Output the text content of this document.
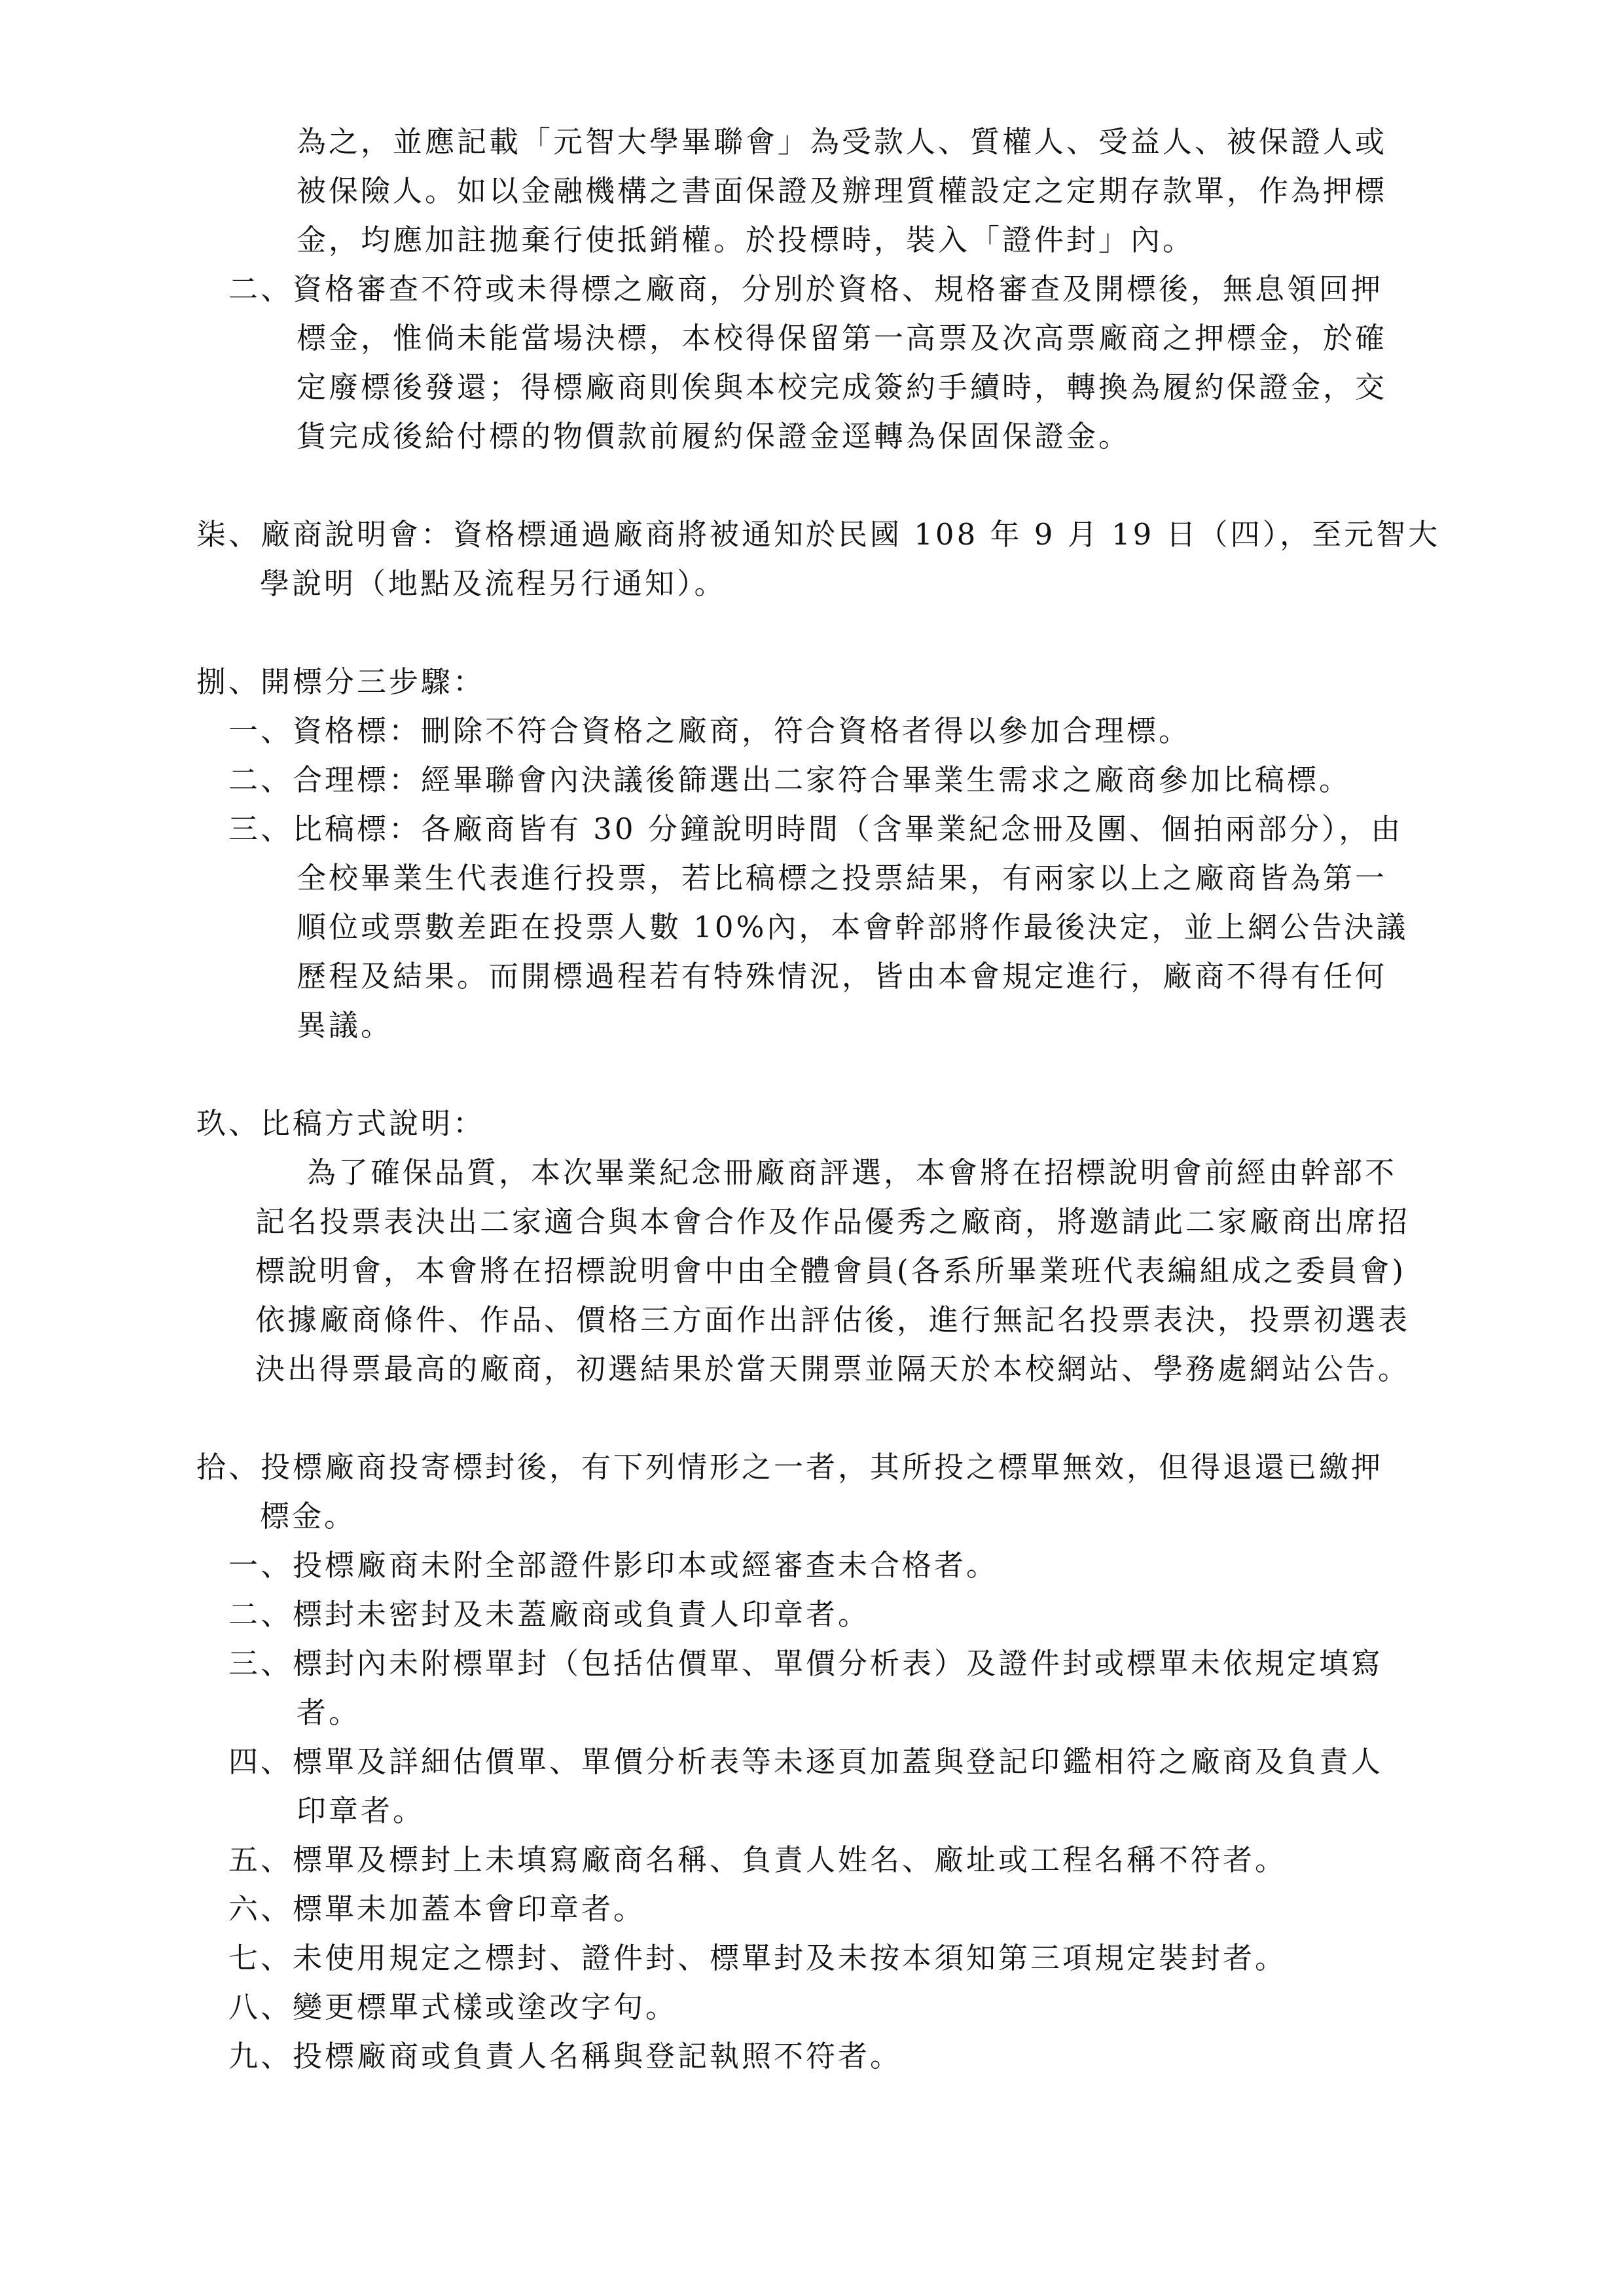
為之，並應記載「元智大學畢聯會」為受款人、質權人、受益人、被保證人或
被保險人。如以金融機構之書面保證及辦理質權設定之定期存款單，作為押標
金，均應加註拋棄行使抵銷權。於投標時，裝入「證件封」內。
二、資格審查不符或未得標之廠商，分別於資格、規格審查及開標後，無息領回押
標金，惟倘未能當場決標，本校得保留第一高票及次高票廠商之押標金，於確
定廢標後發還；得標廠商則俟與本校完成簽約手續時，轉換為履約保證金，交
貨完成後給付標的物價款前履約保證金逕轉為保固保證金。
柒、廠商說明會：資格標通過廠商將被通知於民國 108 年 9 月 19 日（四），至元智大
學說明（地點及流程另行通知）。
捌、開標分三步驟：
一、資格標：刪除不符合資格之廠商，符合資格者得以參加合理標。
二、合理標：經畢聯會內決議後篩選出二家符合畢業生需求之廠商參加比稿標。
三、比稿標：各廠商皆有 30 分鐘說明時間（含畢業紀念冊及團、個拍兩部分），由
全校畢業生代表進行投票，若比稿標之投票結果，有兩家以上之廠商皆為第一
順位或票數差距在投票人數 10%內，本會幹部將作最後決定，並上網公告決議
歷程及結果。而開標過程若有特殊情況，皆由本會規定進行，廠商不得有任何
異議。
玖、比稿方式說明：
為了確保品質，本次畢業紀念冊廠商評選，本會將在招標說明會前經由幹部不
記名投票表決出二家適合與本會合作及作品優秀之廠商，將邀請此二家廠商出席招
標說明會，本會將在招標說明會中由全體會員(各系所畢業班代表編組成之委員會)
依據廠商條件、作品、價格三方面作出評估後，進行無記名投票表決，投票初選表
決出得票最高的廠商，初選結果於當天開票並隔天於本校網站、學務處網站公告。
拾、投標廠商投寄標封後，有下列情形之一者，其所投之標單無效，但得退還已繳押
標金。
一、投標廠商未附全部證件影印本或經審查未合格者。
二、標封未密封及未蓋廠商或負責人印章者。
三、標封內未附標單封（包括估價單、單價分析表）及證件封或標單未依規定填寫
者。
四、標單及詳細估價單、單價分析表等未逐頁加蓋與登記印鑑相符之廠商及負責人
印章者。
五、標單及標封上未填寫廠商名稱、負責人姓名、廠址或工程名稱不符者。
六、標單未加蓋本會印章者。
七、未使用規定之標封、證件封、標單封及未按本須知第三項規定裝封者。
八、變更標單式樣或塗改字句。
九、投標廠商或負責人名稱與登記執照不符者。
